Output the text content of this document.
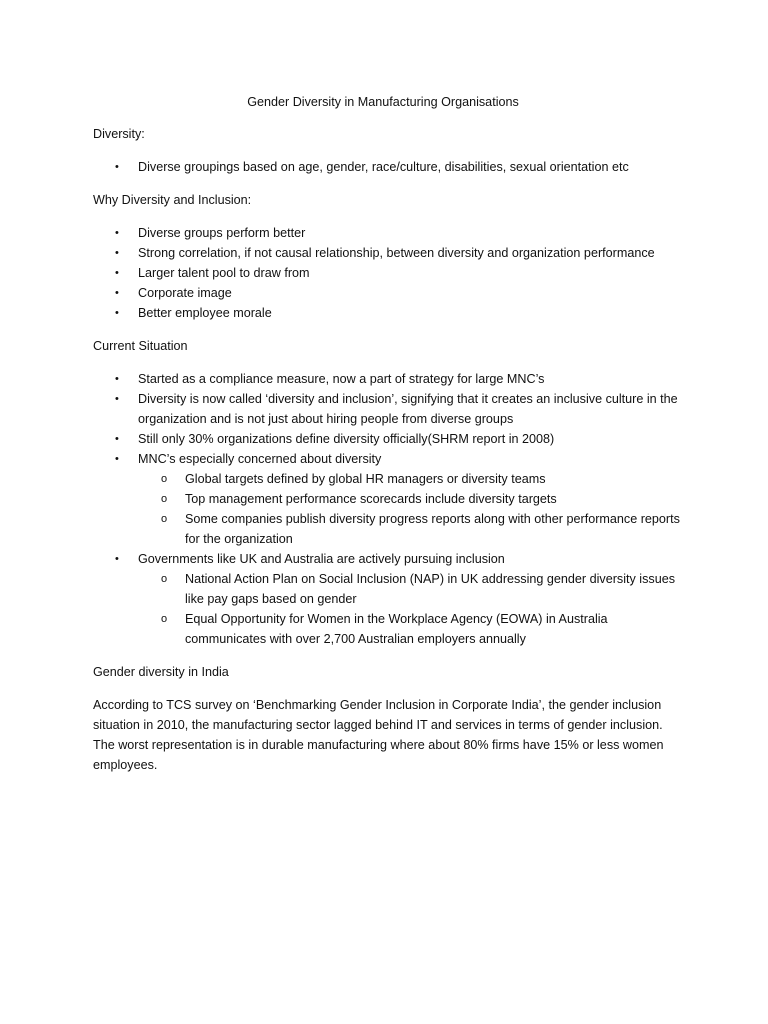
Gender Diversity in Manufacturing Organisations
Diversity:
• Diverse groupings based on age, gender, race/culture, disabilities, sexual orientation etc
Why Diversity and Inclusion:
• Diverse groups perform better
• Strong correlation, if not causal relationship, between diversity and organization performance
• Larger talent pool to draw from
• Corporate image
• Better employee morale
Current Situation
• Started as a compliance measure, now a part of strategy for large MNC’s
• Diversity is now called ‘diversity and inclusion’, signifying that it creates an inclusive culture in the organization and is not just about hiring people from diverse groups
• Still only 30% organizations define diversity officially(SHRM report in 2008)
• MNC’s especially concerned about diversity
o Global targets defined by global HR managers or diversity teams
o Top management performance scorecards include diversity targets
o Some companies publish diversity progress reports along with other performance reports for the organization
• Governments like UK and Australia are actively pursuing inclusion
o National Action Plan on Social Inclusion (NAP) in UK addressing gender diversity issues like pay gaps based on gender
o Equal Opportunity for Women in the Workplace Agency (EOWA) in Australia communicates with over 2,700 Australian employers annually
Gender diversity in India

According to TCS survey on ‘Benchmarking Gender Inclusion in Corporate India’, the gender inclusion situation in 2010, the manufacturing sector lagged behind IT and services in terms of gender inclusion. The worst representation is in durable manufacturing where about 80% firms have 15% or less women employees.
